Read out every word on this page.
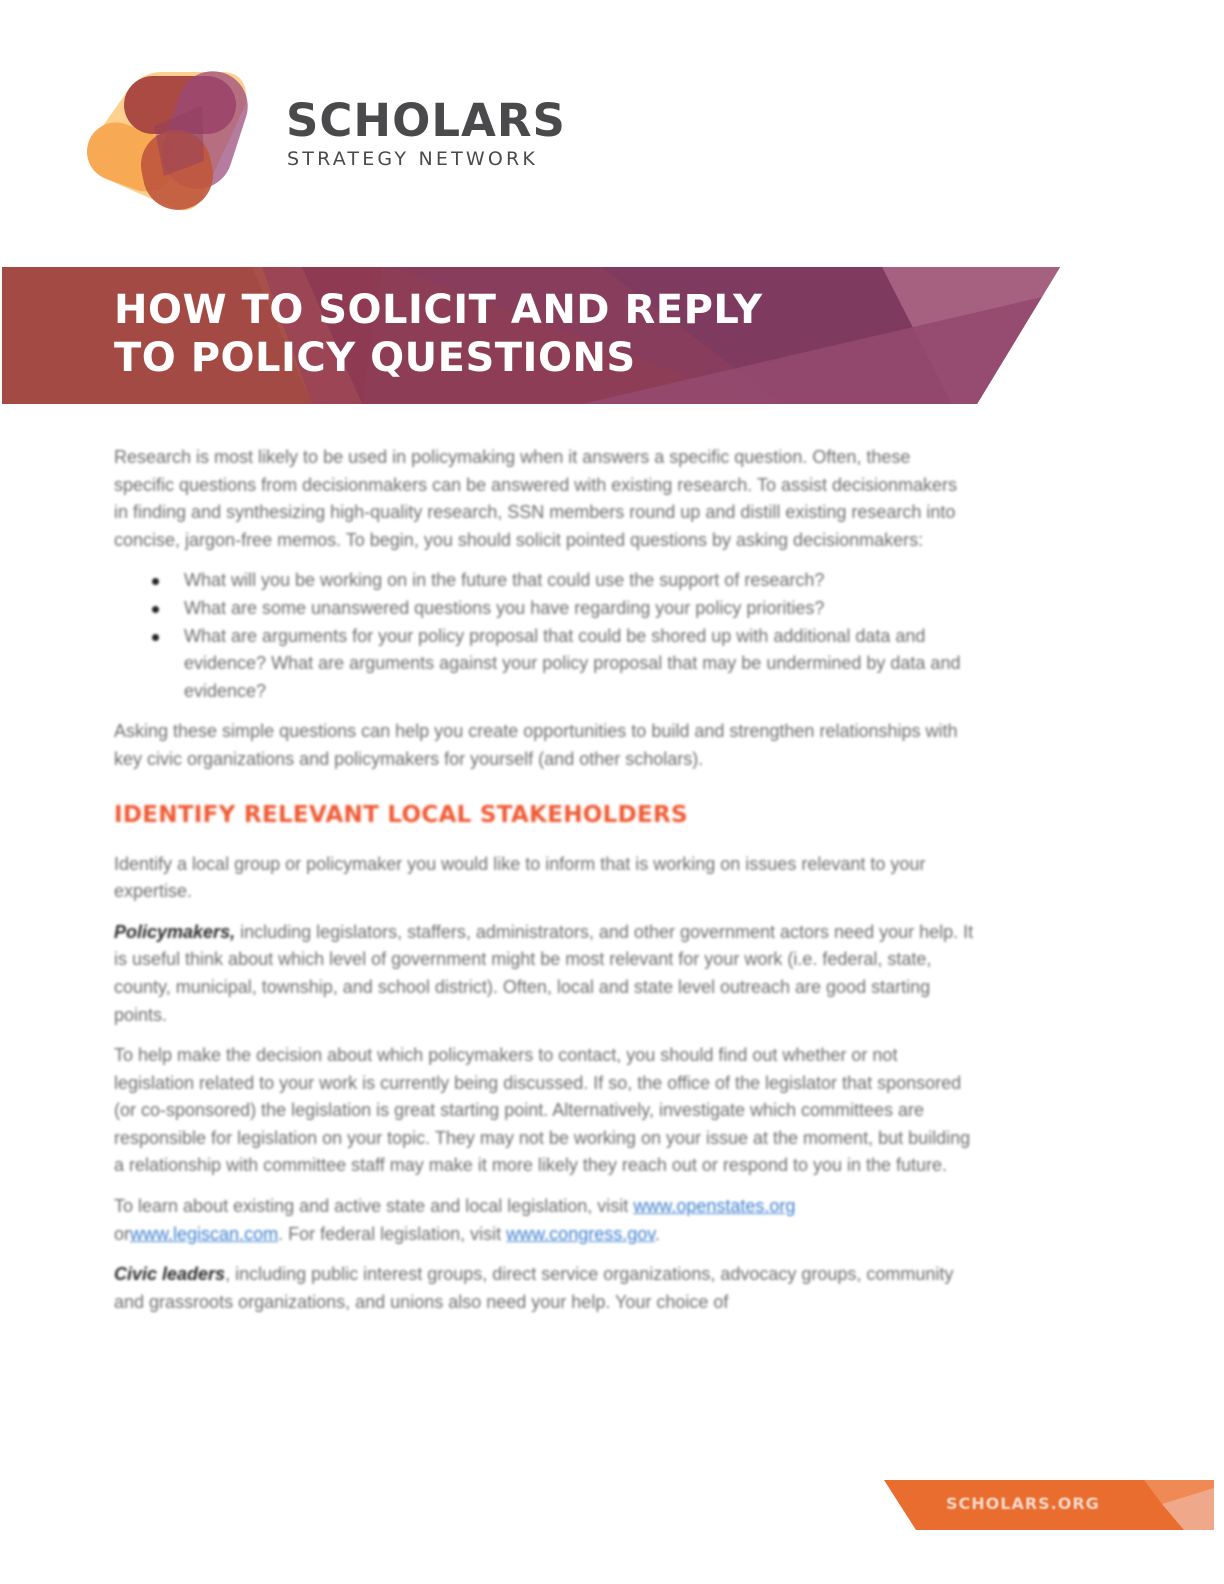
SCHOLARS
STRATEGY NETWORK
HOW TO SOLICIT AND REPLY
TO POLICY QUESTIONS

Research is most likely to be used in policymaking when it answers a specific question. Often, these specific questions from decisionmakers can be answered with existing research. To assist decisionmakers in finding and synthesizing high-quality research, SSN members round up and distill existing research into concise, jargon-free memos. To begin, you should solicit pointed questions by asking decisionmakers:

What will you be working on in the future that could use the support of research?
What are some unanswered questions you have regarding your policy priorities?
What are arguments for your policy proposal that could be shored up with additional data and evidence? What are arguments against your policy proposal that may be undermined by data and evidence?

Asking these simple questions can help you create opportunities to build and strengthen relationships with key civic organizations and policymakers for yourself (and other scholars).

IDENTIFY RELEVANT LOCAL STAKEHOLDERS

Identify a local group or policymaker you would like to inform that is working on issues relevant to your expertise.

Policymakers, including legislators, staffers, administrators, and other government actors need your help. It is useful think about which level of government might be most relevant for your work (i.e. federal, state, county, municipal, township, and school district). Often, local and state level outreach are good starting points.

To help make the decision about which policymakers to contact, you should find out whether or not legislation related to your work is currently being discussed. If so, the office of the legislator that sponsored (or co-sponsored) the legislation is great starting point. Alternatively, investigate which committees are responsible for legislation on your topic. They may not be working on your issue at the moment, but building a relationship with committee staff may make it more likely they reach out or respond to you in the future.

To learn about existing and active state and local legislation, visit www.openstates.org
orwww.legiscan.com. For federal legislation, visit www.congress.gov.

Civic leaders, including public interest groups, direct service organizations, advocacy groups, community and grassroots organizations, and unions also need your help. Your choice of

SCHOLARS.ORG
